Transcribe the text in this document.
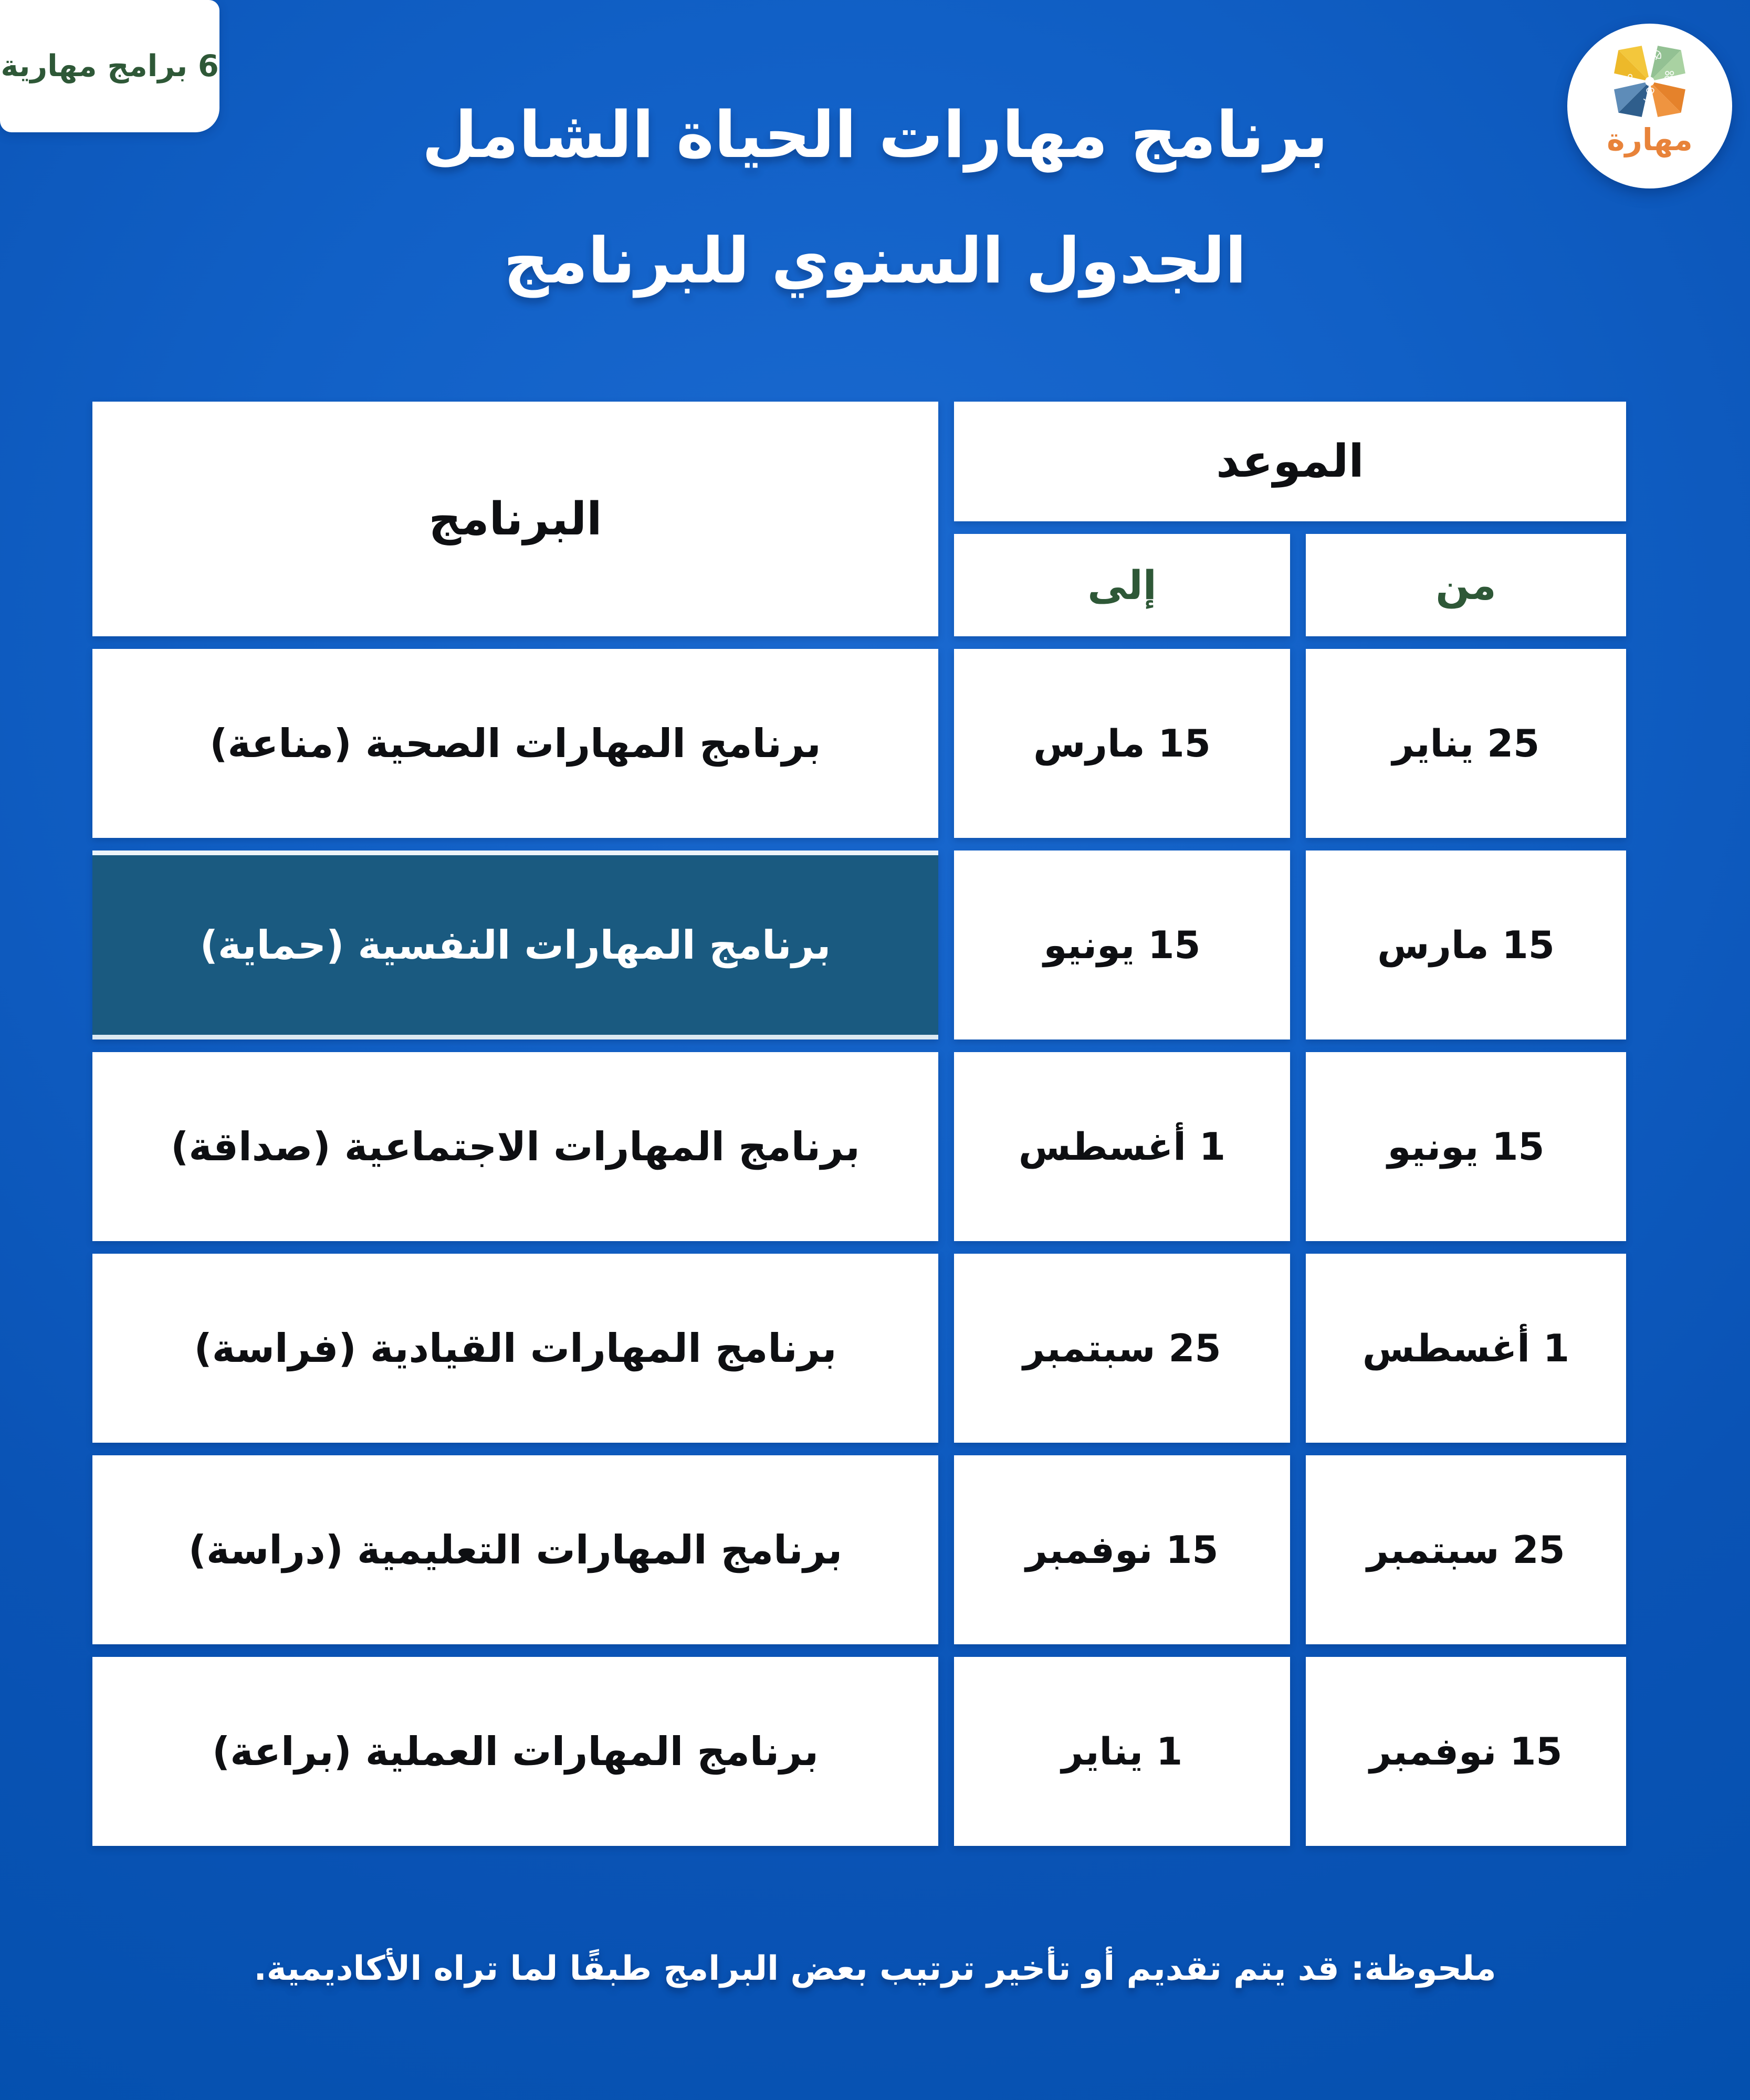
6 برامج مهارية
مهارة
برنامج مهارات الحياة الشامل
الجدول السنوي للبرنامج
الموعد
البرنامج
من
إلى
25 يناير
15 مارس
برنامج المهارات الصحية (مناعة)
15 مارس
15 يونيو
برنامج المهارات النفسية (حماية)
15 يونيو
1 أغسطس
برنامج المهارات الاجتماعية (صداقة)
1 أغسطس
25 سبتمبر
برنامج المهارات القيادية (فراسة)
25 سبتمبر
15 نوفمبر
برنامج المهارات التعليمية (دراسة)
15 نوفمبر
1 يناير
برنامج المهارات العملية (براعة)
ملحوظة: قد يتم تقديم أو تأخير ترتيب بعض البرامج طبقًا لما تراه الأكاديمية.
